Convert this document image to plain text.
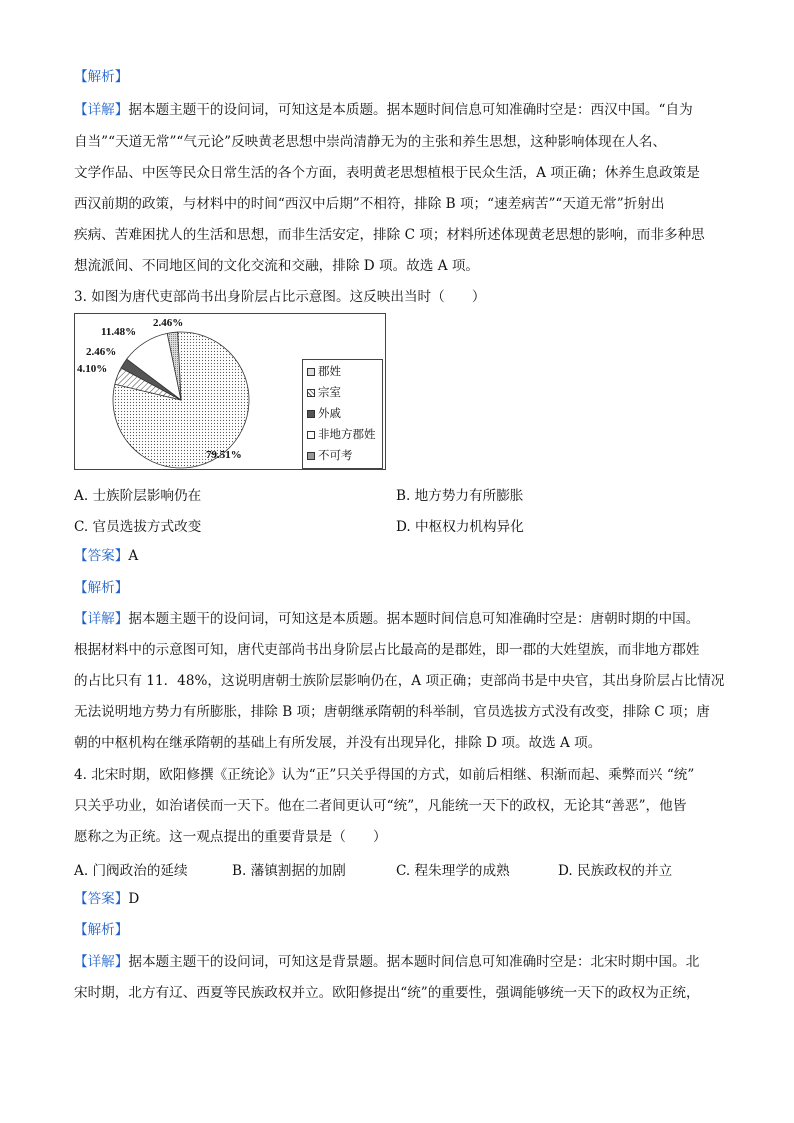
【解析】
【详解】据本题主题干的设问词，可知这是本质题。据本题时间信息可知准确时空是：西汉中国。“自为
自当”“天道无常”“气元论”反映黄老思想中崇尚清静无为的主张和养生思想，这种影响体现在人名、
文学作品、中医等民众日常生活的各个方面，表明黄老思想植根于民众生活，A 项正确；休养生息政策是
西汉前期的政策，与材料中的时间“西汉中后期”不相符，排除 B 项；“速差病苦”“天道无常”折射出
疾病、苦难困扰人的生活和思想，而非生活安定，排除 C 项；材料所述体现黄老思想的影响，而非多种思
想流派间、不同地区间的文化交流和交融，排除 D 项。故选 A 项。
3. 如图为唐代吏部尚书出身阶层占比示意图。这反映出当时（　　）
79.51%
4.10%
2.46%
11.48%
2.46%
郡姓
宗室
外戚
非地方郡姓
不可考
A. 士族阶层影响仍在	B. 地方势力有所膨胀
C. 官员选拔方式改变	D. 中枢权力机构异化
【答案】A
【解析】
【详解】据本题主题干的设问词，可知这是本质题。据本题时间信息可知准确时空是：唐朝时期的中国。
根据材料中的示意图可知，唐代吏部尚书出身阶层占比最高的是郡姓，即一郡的大姓望族，而非地方郡姓
的占比只有 11．48%，这说明唐朝士族阶层影响仍在，A 项正确；吏部尚书是中央官，其出身阶层占比情况
无法说明地方势力有所膨胀，排除 B 项；唐朝继承隋朝的科举制，官员选拔方式没有改变，排除 C 项；唐
朝的中枢机构在继承隋朝的基础上有所发展，并没有出现异化，排除 D 项。故选 A 项。
4. 北宋时期，欧阳修撰《正统论》认为“正”只关乎得国的方式，如前后相继、积渐而起、乘弊而兴 “统”
只关乎功业，如治诸侯而一天下。他在二者间更认可“统”，凡能统一天下的政权，无论其“善恶”，他皆
愿称之为正统。这一观点提出的重要背景是（　　）
A. 门阀政治的延续	B. 藩镇割据的加剧	C. 程朱理学的成熟	D. 民族政权的并立
【答案】D
【解析】
【详解】据本题主题干的设问词，可知这是背景题。据本题时间信息可知准确时空是：北宋时期中国。北
宋时期，北方有辽、西夏等民族政权并立。欧阳修提出“统”的重要性，强调能够统一天下的政权为正统，
